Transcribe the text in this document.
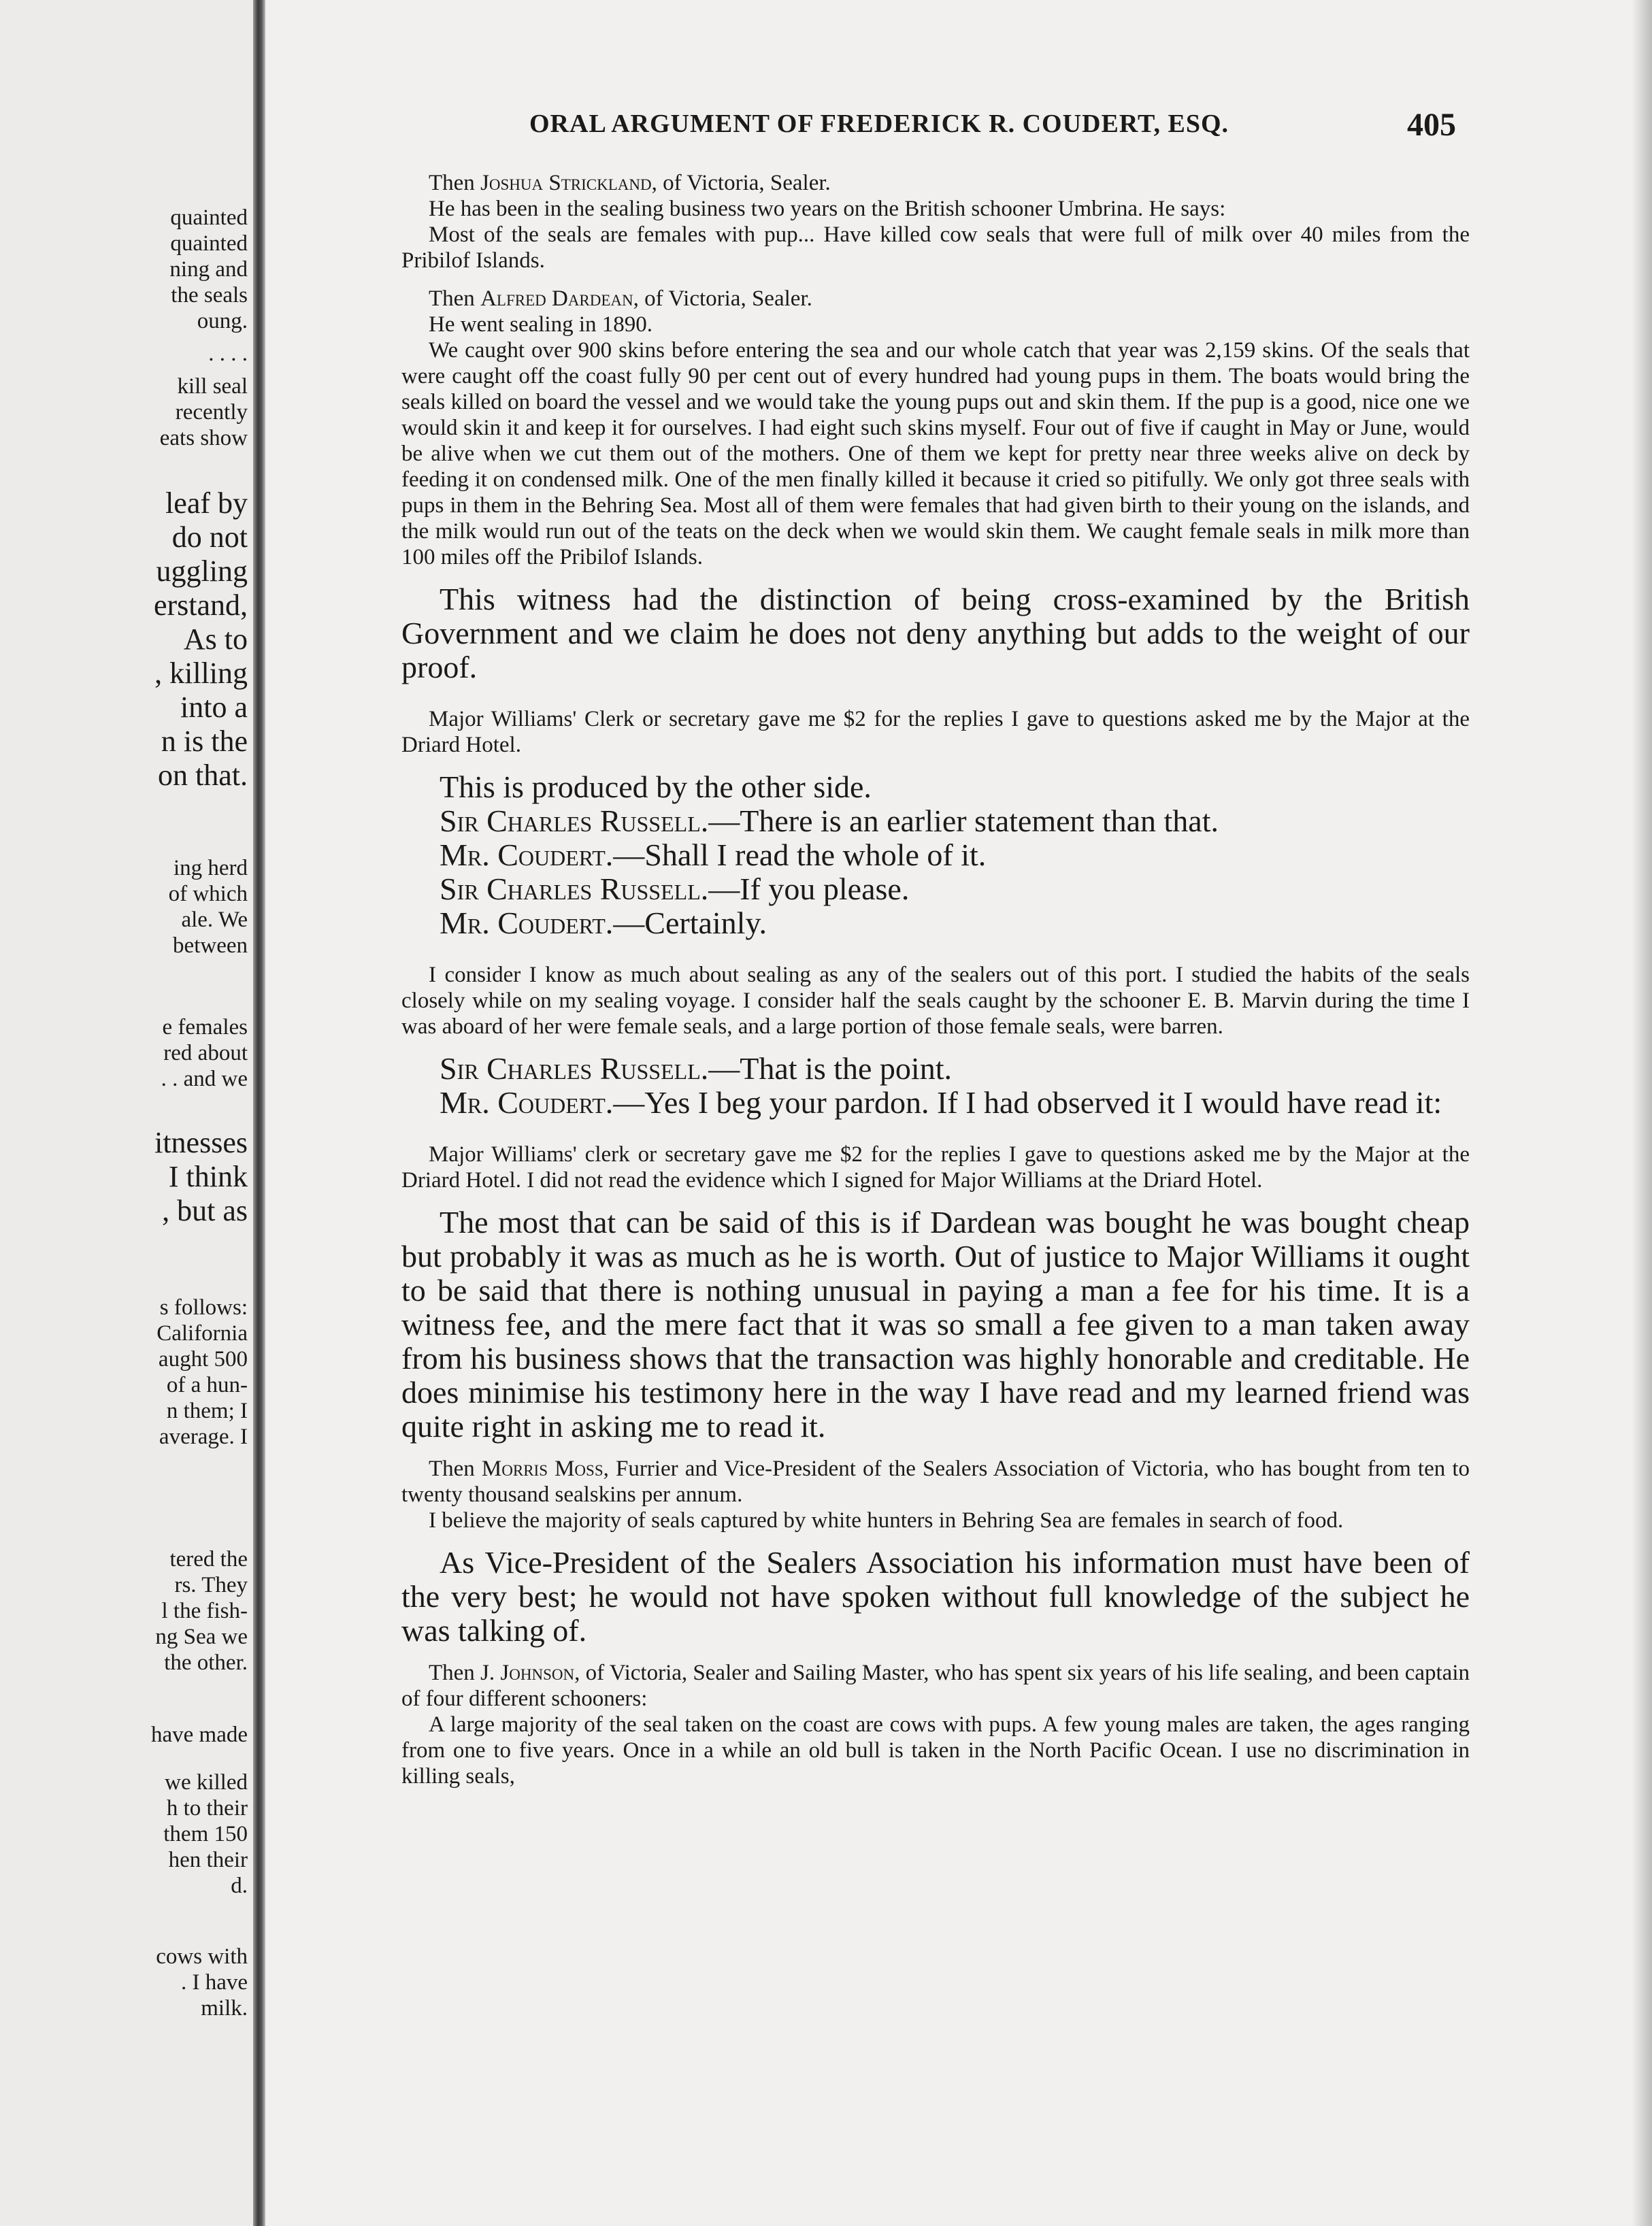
quainted
quainted
ning and
the seals
oung.
. . . .
kill seal
recently
eats show
leaf by
do not
uggling
erstand,
As to
, killing
into a
n is the
on that.
ing herd
of which
ale. We
between
e females
red about
. . and we
itnesses
I think
, but as
s follows:
California
aught 500
of a hun-
n them; I
average. I
tered the
rs. They
l the fish-
ng Sea we
the other.
have made
we killed
h to their
them 150
hen their
d.
cows with
. I have
milk.
ORAL ARGUMENT OF FREDERICK R. COUDERT, ESQ.	405

Then Joshua Strickland, of Victoria, Sealer.

He has been in the sealing business two years on the British schooner Umbrina. He says:

Most of the seals are females with pup... Have killed cow seals that were full of milk over 40 miles from the Pribilof Islands.

Then Alfred Dardean, of Victoria, Sealer.

He went sealing in 1890.

We caught over 900 skins before entering the sea and our whole catch that year was 2,159 skins. Of the seals that were caught off the coast fully 90 per cent out of every hundred had young pups in them. The boats would bring the seals killed on board the vessel and we would take the young pups out and skin them. If the pup is a good, nice one we would skin it and keep it for ourselves. I had eight such skins myself. Four out of five if caught in May or June, would be alive when we cut them out of the mothers. One of them we kept for pretty near three weeks alive on deck by feeding it on condensed milk. One of the men finally killed it because it cried so pitifully. We only got three seals with pups in them in the Behring Sea. Most all of them were females that had given birth to their young on the islands, and the milk would run out of the teats on the deck when we would skin them. We caught female seals in milk more than 100 miles off the Pribilof Islands.

This witness had the distinction of being cross-examined by the British Government and we claim he does not deny anything but adds to the weight of our proof.

Major Williams' Clerk or secretary gave me $2 for the replies I gave to questions asked me by the Major at the Driard Hotel.

This is produced by the other side.

Sir Charles Russell.—There is an earlier statement than that.

Mr. Coudert.—Shall I read the whole of it.

Sir Charles Russell.—If you please.

Mr. Coudert.—Certainly.

I consider I know as much about sealing as any of the sealers out of this port. I studied the habits of the seals closely while on my sealing voyage. I consider half the seals caught by the schooner E. B. Marvin during the time I was aboard of her were female seals, and a large portion of those female seals, were barren.

Sir Charles Russell.—That is the point.

Mr. Coudert.—Yes I beg your pardon. If I had observed it I would have read it:

Major Williams' clerk or secretary gave me $2 for the replies I gave to questions asked me by the Major at the Driard Hotel. I did not read the evidence which I signed for Major Williams at the Driard Hotel.

The most that can be said of this is if Dardean was bought he was bought cheap but probably it was as much as he is worth. Out of justice to Major Williams it ought to be said that there is nothing unusual in paying a man a fee for his time. It is a witness fee, and the mere fact that it was so small a fee given to a man taken away from his business shows that the transaction was highly honorable and creditable. He does minimise his testimony here in the way I have read and my learned friend was quite right in asking me to read it.

Then Morris Moss, Furrier and Vice-President of the Sealers Association of Victoria, who has bought from ten to twenty thousand sealskins per annum.

I believe the majority of seals captured by white hunters in Behring Sea are females in search of food.

As Vice-President of the Sealers Association his information must have been of the very best; he would not have spoken without full knowledge of the subject he was talking of.

Then J. Johnson, of Victoria, Sealer and Sailing Master, who has spent six years of his life sealing, and been captain of four different schooners:

A large majority of the seal taken on the coast are cows with pups. A few young males are taken, the ages ranging from one to five years. Once in a while an old bull is taken in the North Pacific Ocean. I use no discrimination in killing seals,
